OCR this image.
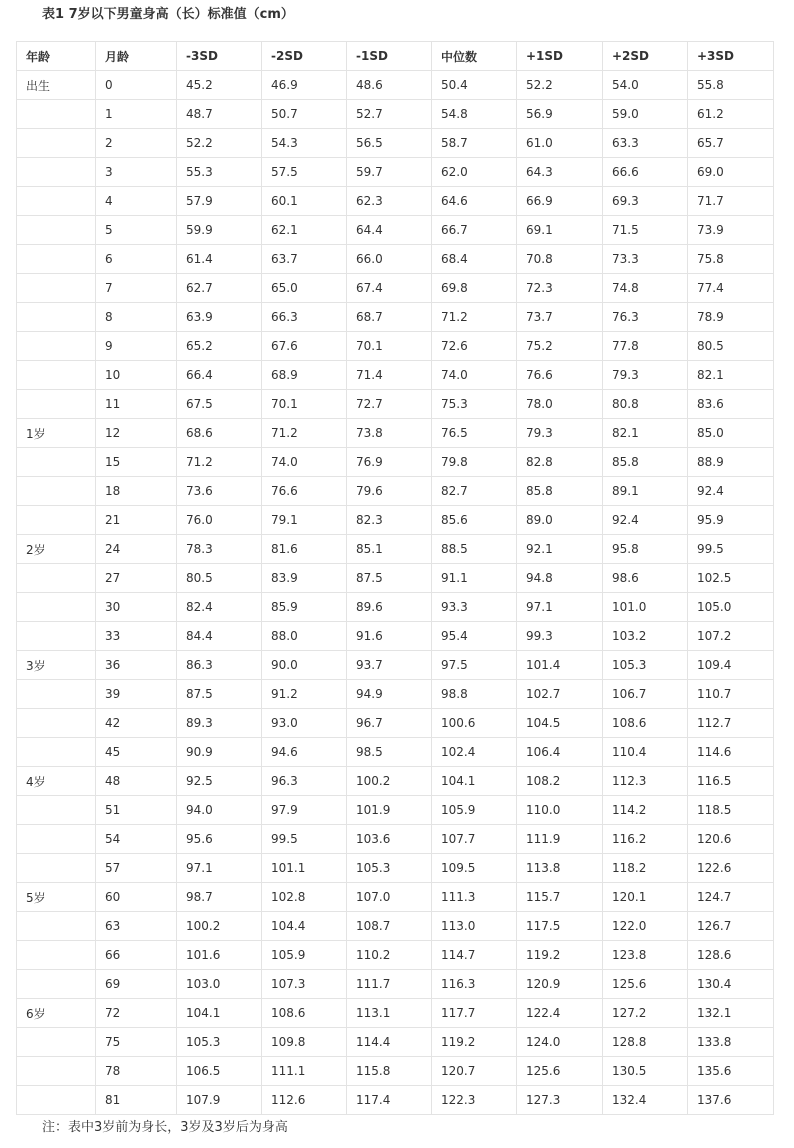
表1 7岁以下男童身高（长）标准值（cm）
年龄	月龄	-3SD	-2SD	-1SD	中位数	+1SD	+2SD	+3SD
出生	0	45.2	46.9	48.6	50.4	52.2	54.0	55.8
	1	48.7	50.7	52.7	54.8	56.9	59.0	61.2
	2	52.2	54.3	56.5	58.7	61.0	63.3	65.7
	3	55.3	57.5	59.7	62.0	64.3	66.6	69.0
	4	57.9	60.1	62.3	64.6	66.9	69.3	71.7
	5	59.9	62.1	64.4	66.7	69.1	71.5	73.9
	6	61.4	63.7	66.0	68.4	70.8	73.3	75.8
	7	62.7	65.0	67.4	69.8	72.3	74.8	77.4
	8	63.9	66.3	68.7	71.2	73.7	76.3	78.9
	9	65.2	67.6	70.1	72.6	75.2	77.8	80.5
	10	66.4	68.9	71.4	74.0	76.6	79.3	82.1
	11	67.5	70.1	72.7	75.3	78.0	80.8	83.6
1岁	12	68.6	71.2	73.8	76.5	79.3	82.1	85.0
	15	71.2	74.0	76.9	79.8	82.8	85.8	88.9
	18	73.6	76.6	79.6	82.7	85.8	89.1	92.4
	21	76.0	79.1	82.3	85.6	89.0	92.4	95.9
2岁	24	78.3	81.6	85.1	88.5	92.1	95.8	99.5
	27	80.5	83.9	87.5	91.1	94.8	98.6	102.5
	30	82.4	85.9	89.6	93.3	97.1	101.0	105.0
	33	84.4	88.0	91.6	95.4	99.3	103.2	107.2
3岁	36	86.3	90.0	93.7	97.5	101.4	105.3	109.4
	39	87.5	91.2	94.9	98.8	102.7	106.7	110.7
	42	89.3	93.0	96.7	100.6	104.5	108.6	112.7
	45	90.9	94.6	98.5	102.4	106.4	110.4	114.6
4岁	48	92.5	96.3	100.2	104.1	108.2	112.3	116.5
	51	94.0	97.9	101.9	105.9	110.0	114.2	118.5
	54	95.6	99.5	103.6	107.7	111.9	116.2	120.6
	57	97.1	101.1	105.3	109.5	113.8	118.2	122.6
5岁	60	98.7	102.8	107.0	111.3	115.7	120.1	124.7
	63	100.2	104.4	108.7	113.0	117.5	122.0	126.7
	66	101.6	105.9	110.2	114.7	119.2	123.8	128.6
	69	103.0	107.3	111.7	116.3	120.9	125.6	130.4
6岁	72	104.1	108.6	113.1	117.7	122.4	127.2	132.1
	75	105.3	109.8	114.4	119.2	124.0	128.8	133.8
	78	106.5	111.1	115.8	120.7	125.6	130.5	135.6
	81	107.9	112.6	117.4	122.3	127.3	132.4	137.6
注：表中3岁前为身长，3岁及3岁后为身高
